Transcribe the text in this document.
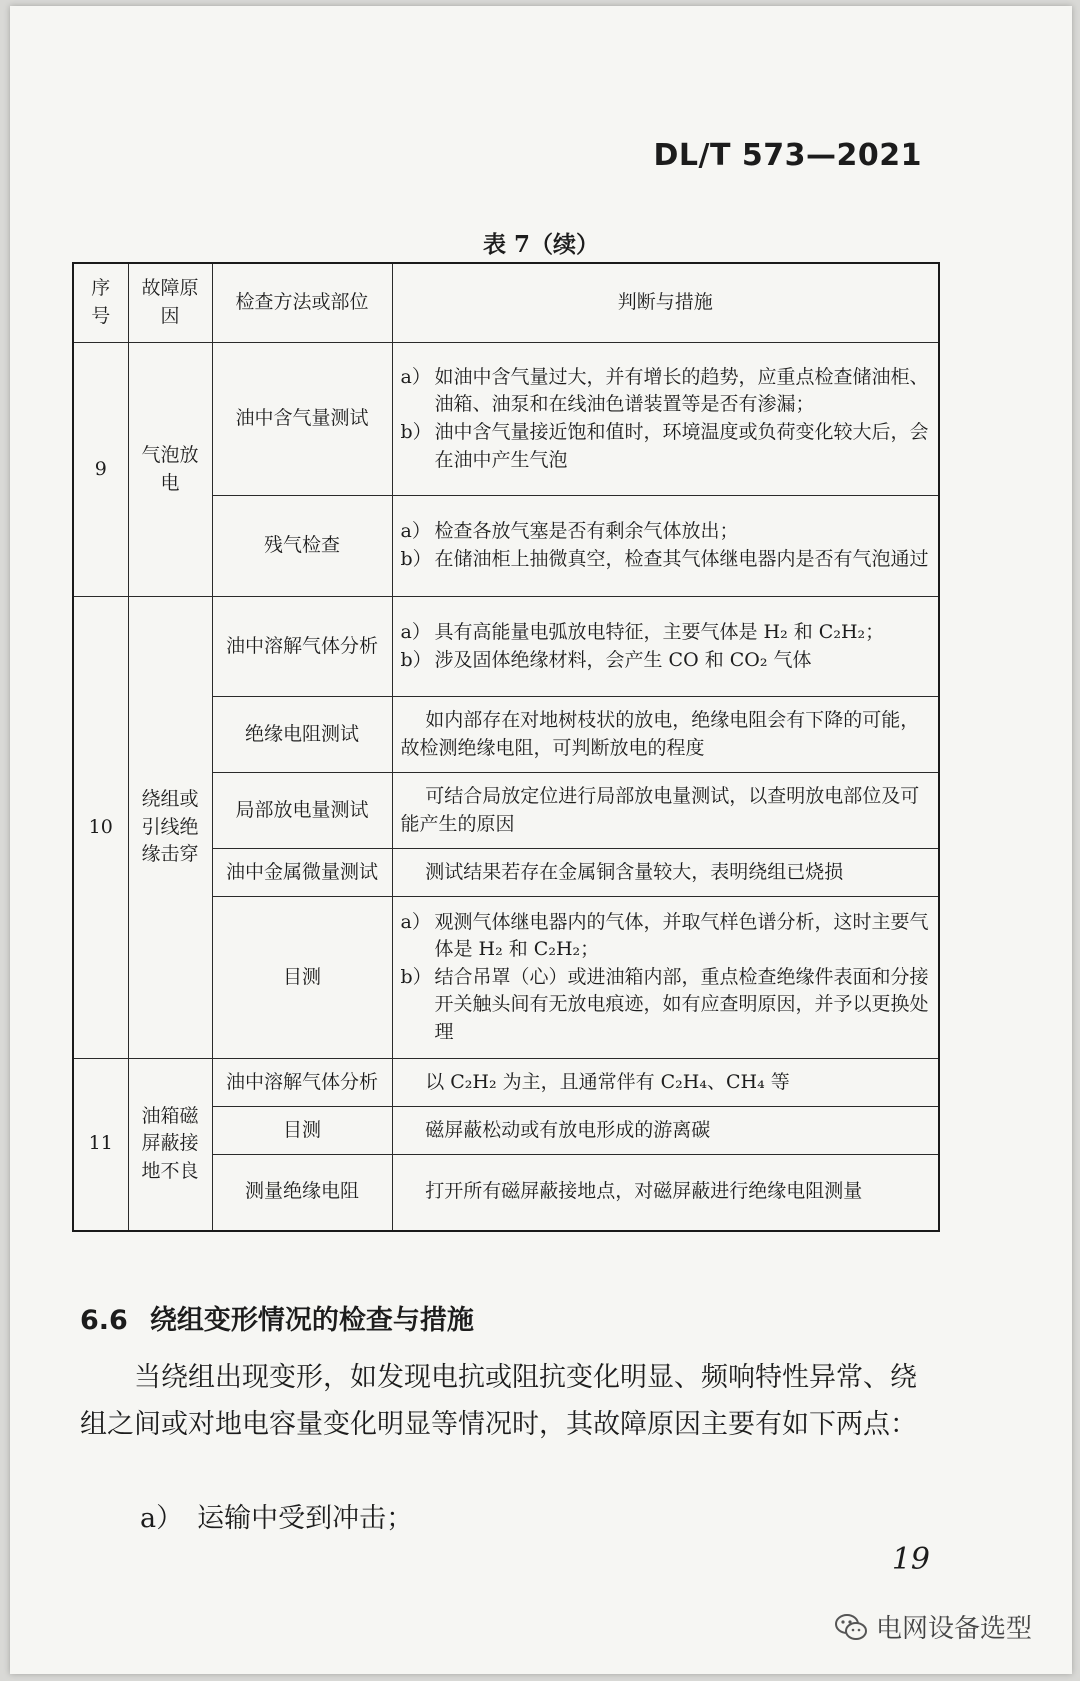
DL/T 573—2021
表 7（续）
序号	故障原因	检查方法或部位	判断与措施
9	气泡放电	油中含气量测试	a） 如油中含气量过大，并有增长的趋势，应重点检查储油柜、油箱、油泵和在线油色谱装置等是否有渗漏；
b） 油中含气量接近饱和值时，环境温度或负荷变化较大后，会在油中产生气泡

		残气检查	a） 检查各放气塞是否有剩余气体放出；
b） 在储油柜上抽微真空，检查其气体继电器内是否有气泡通过

10	绕组或引线绝缘击穿	油中溶解气体分析	a） 具有高能量电弧放电特征，主要气体是 H₂ 和 C₂H₂；
b） 涉及固体绝缘材料，会产生 CO 和 CO₂ 气体

		绝缘电阻测试	如内部存在对地树枝状的放电，绝缘电阻会有下降的可能，故检测绝缘电阻，可判断放电的程度
		局部放电量测试	可结合局放定位进行局部放电量测试，以查明放电部位及可能产生的原因
		油中金属微量测试	测试结果若存在金属铜含量较大，表明绕组已烧损
		目测	a） 观测气体继电器内的气体，并取气样色谱分析，这时主要气体是 H₂ 和 C₂H₂；
b） 结合吊罩（心）或进油箱内部，重点检查绝缘件表面和分接开关触头间有无放电痕迹，如有应查明原因，并予以更换处理

11	油箱磁屏蔽接地不良	油中溶解气体分析	以 C₂H₂ 为主，且通常伴有 C₂H₄、CH₄ 等
		目测	磁屏蔽松动或有放电形成的游离碳
		测量绝缘电阻	打开所有磁屏蔽接地点，对磁屏蔽进行绝缘电阻测量
6.6 绕组变形情况的检查与措施
当绕组出现变形，如发现电抗或阻抗变化明显、频响特性异常、绕组之间或对地电容量变化明显等情况时，其故障原因主要有如下两点：
a） 运输中受到冲击；
19
电网设备选型
